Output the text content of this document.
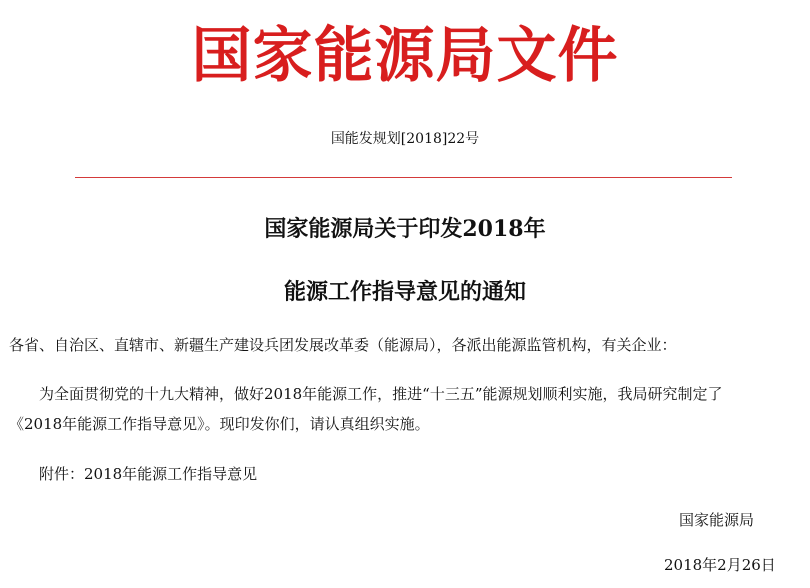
国家能源局文件
国能发规划[2018]22号
国家能源局关于印发2018年
能源工作指导意见的通知
各省、自治区、直辖市、新疆生产建设兵团发展改革委（能源局），各派出能源监管机构，有关企业：
为全面贯彻党的十九大精神，做好2018年能源工作，推进“十三五”能源规划顺利实施，我局研究制定了
《2018年能源工作指导意见》。现印发你们，请认真组织实施。
附件：2018年能源工作指导意见
国家能源局
2018年2月26日
